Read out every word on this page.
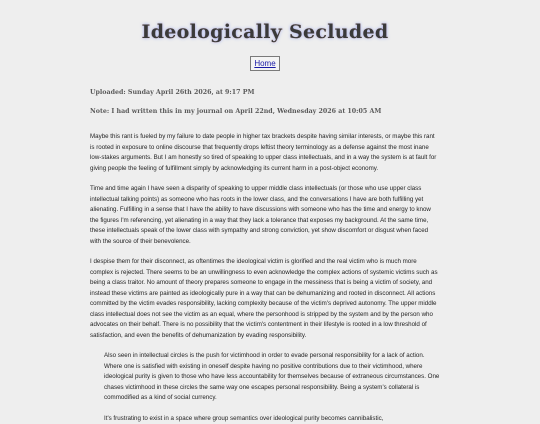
Ideologically Secluded
Home

Uploaded: Sunday April 26th 2026, at 9:17 PM

Note: I had written this in my journal on April 22nd, Wednesday 2026 at 10:05 AM

Maybe this rant is fueled by my failure to date people in higher tax brackets despite having similar interests, or maybe this rant is rooted in exposure to online discourse that frequently drops leftist theory terminology as a defense against the most inane low-stakes arguments. But I am honestly so tired of speaking to upper class intellectuals, and in a way the system is at fault for giving people the feeling of fulfillment simply by acknowledging its current harm in a post-object economy.

Time and time again I have seen a disparity of speaking to upper middle class intellectuals (or those who use upper class intellectual talking points) as someone who has roots in the lower class, and the conversations I have are both fulfilling yet alienating. Fulfilling in a sense that I have the ability to have discussions with someone who has the time and energy to know the figures I'm referencing, yet alienating in a way that they lack a tolerance that exposes my background. At the same time, these intellectuals speak of the lower class with sympathy and strong conviction, yet show discomfort or disgust when faced with the source of their benevolence.

I despise them for their disconnect, as oftentimes the ideological victim is glorified and the real victim who is much more complex is rejected. There seems to be an unwillingness to even acknowledge the complex actions of systemic victims such as being a class traitor. No amount of theory prepares someone to engage in the messiness that is being a victim of society, and instead these victims are painted as ideologically pure in a way that can be dehumanizing and rooted in disconnect. All actions committed by the victim evades responsibility, lacking complexity because of the victim's deprived autonomy. The upper middle class intellectual does not see the victim as an equal, where the personhood is stripped by the system and by the person who advocates on their behalf. There is no possibility that the victim's contentment in their lifestyle is rooted in a low threshold of satisfaction, and even the benefits of dehumanization by evading responsibility.

Also seen in intellectual circles is the push for victimhood in order to evade personal responsibility for a lack of action. Where one is satisfied with existing in oneself despite having no positive contributions due to their victimhood, where ideological purity is given to those who have less accountability for themselves because of extraneous circumstances. One chases victimhood in these circles the same way one escapes personal responsibility. Being a system's collateral is commodified as a kind of social currency.
It's frustrating to exist in a space where group semantics over ideological purity becomes cannibalistic,
